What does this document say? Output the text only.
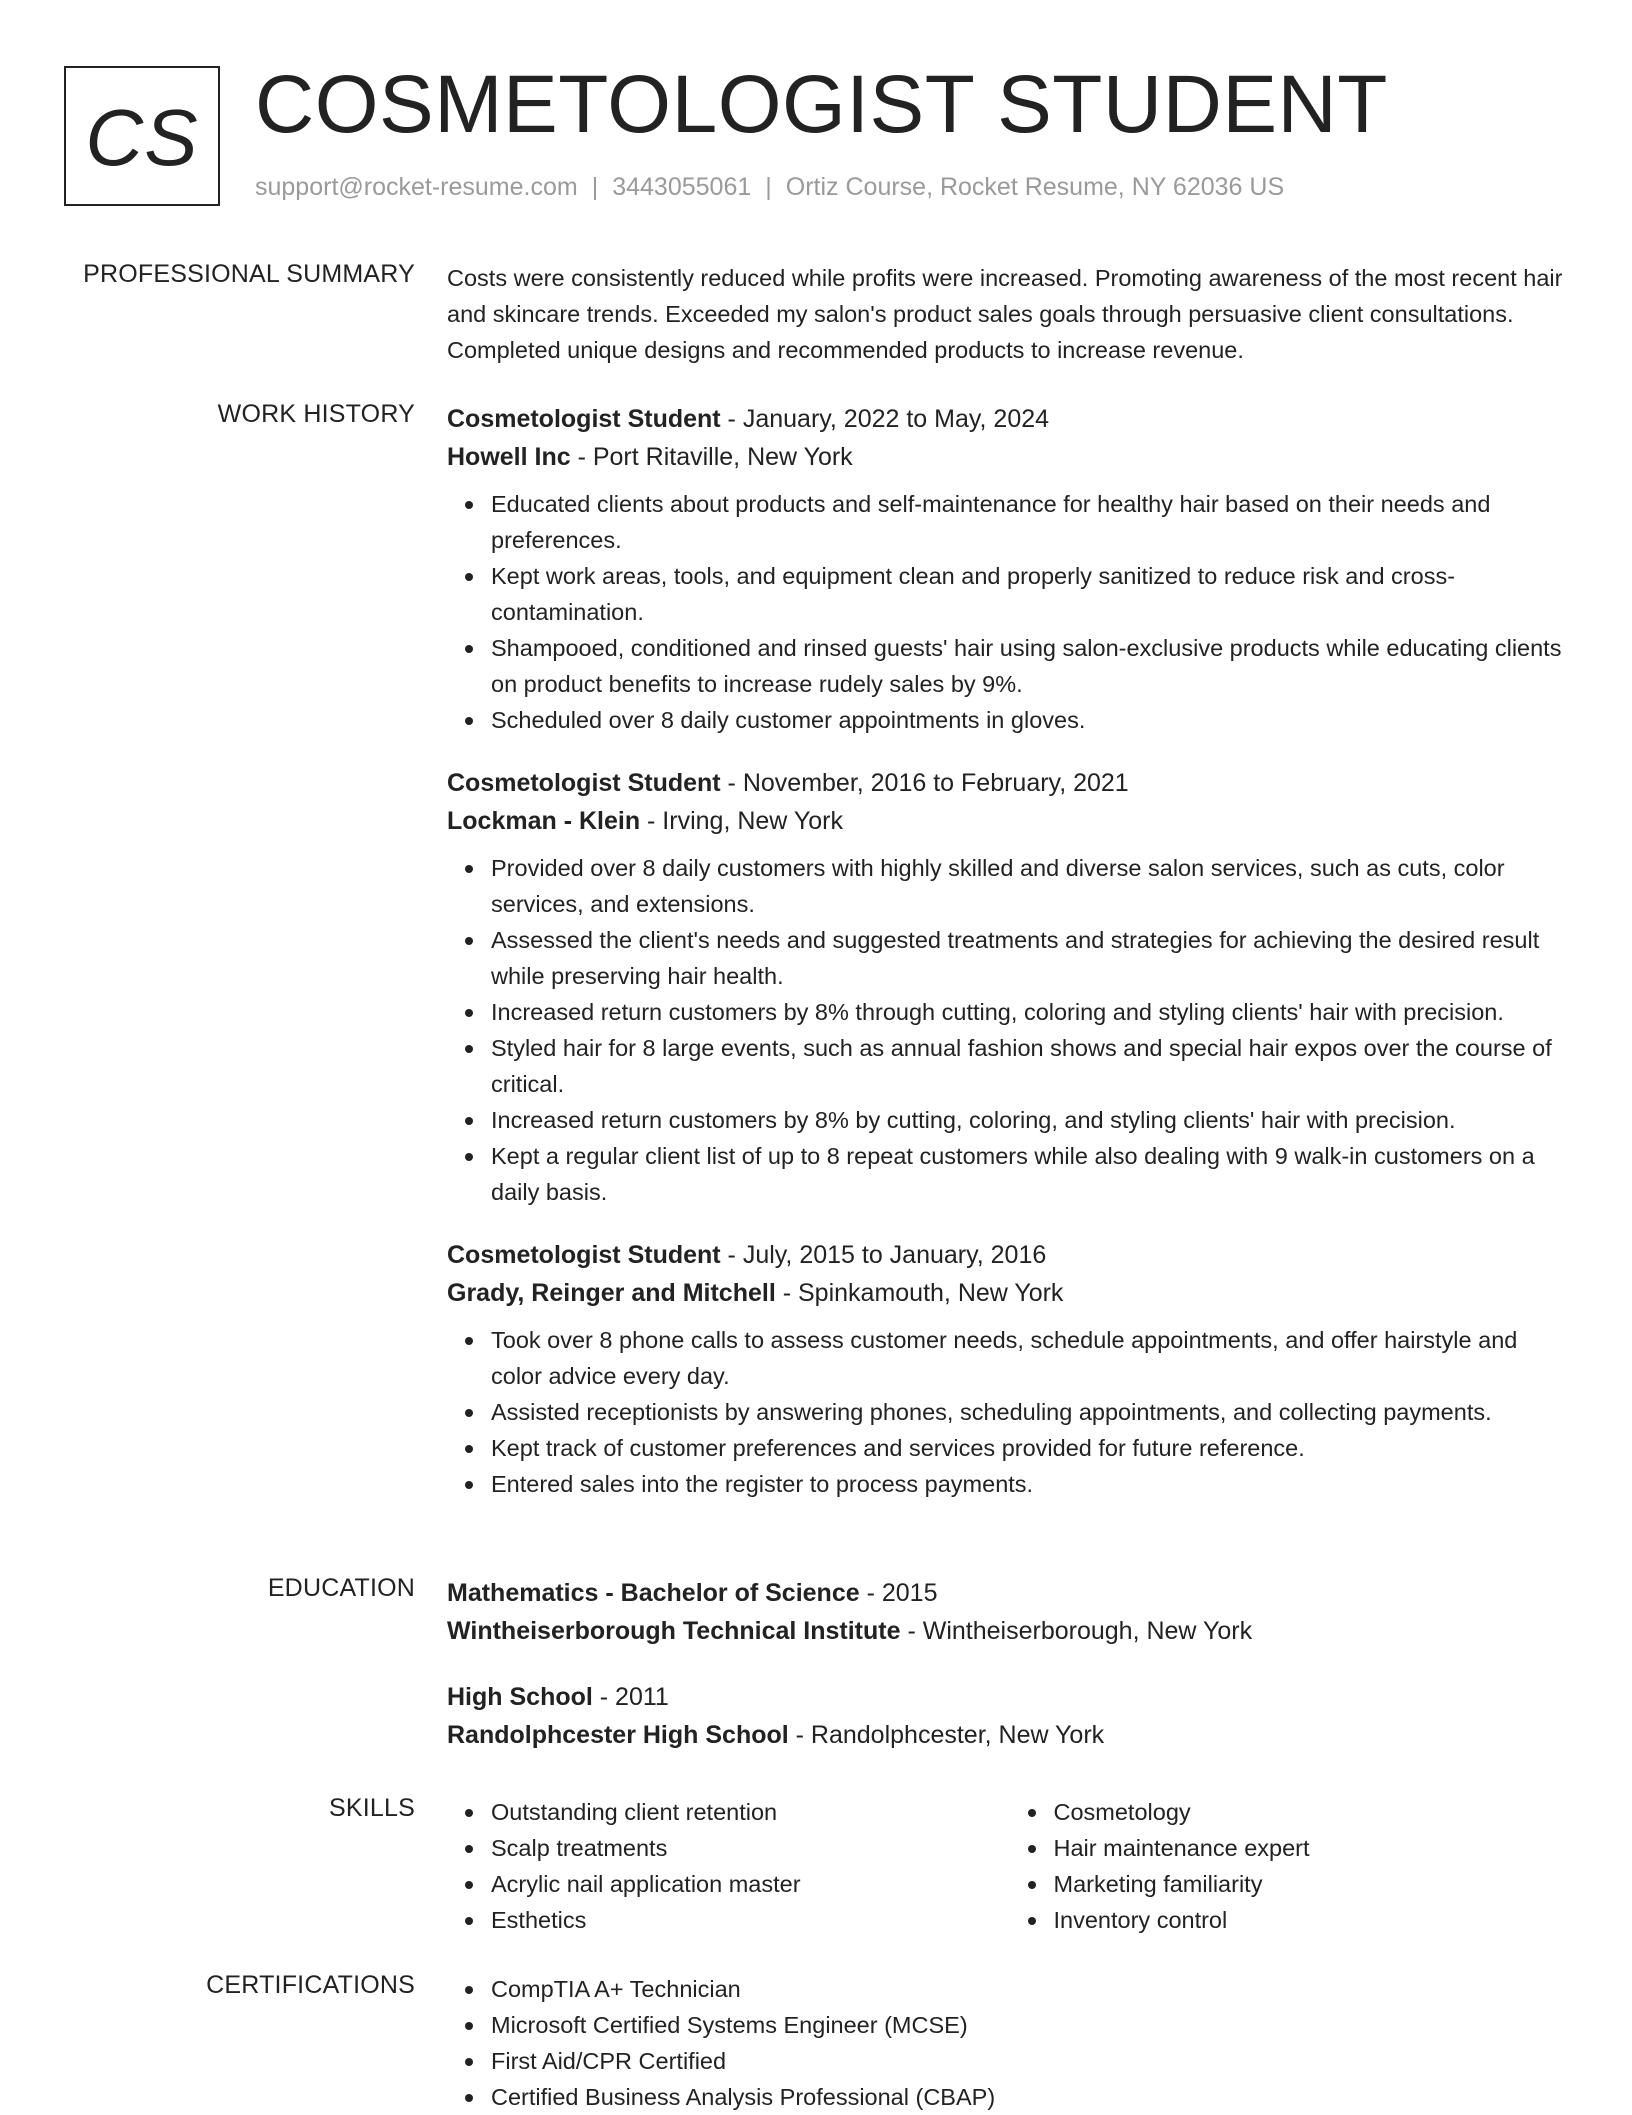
CS COSMETOLOGIST STUDENT
support@rocket-resume.com | 3443055061 | Ortiz Course, Rocket Resume, NY 62036 US
PROFESSIONAL SUMMARY Costs were consistently reduced while profits were increased. Promoting awareness of the most recent hair and skincare trends. Exceeded my salon's product sales goals through persuasive client consultations. Completed unique designs and recommended products to increase revenue.

WORK HISTORY Cosmetologist Student - January, 2022 to May, 2024
Howell Inc - Port Ritaville, New York
Educated clients about products and self-maintenance for healthy hair based on their needs and preferences.
Kept work areas, tools, and equipment clean and properly sanitized to reduce risk and cross-contamination.
Shampooed, conditioned and rinsed guests' hair using salon-exclusive products while educating clients on product benefits to increase rudely sales by 9%.
Scheduled over 8 daily customer appointments in gloves.
Cosmetologist Student - November, 2016 to February, 2021
Lockman - Klein - Irving, New York
Provided over 8 daily customers with highly skilled and diverse salon services, such as cuts, color services, and extensions.
Assessed the client's needs and suggested treatments and strategies for achieving the desired result while preserving hair health.
Increased return customers by 8% through cutting, coloring and styling clients' hair with precision.
Styled hair for 8 large events, such as annual fashion shows and special hair expos over the course of critical.
Increased return customers by 8% by cutting, coloring, and styling clients' hair with precision.
Kept a regular client list of up to 8 repeat customers while also dealing with 9 walk-in customers on a daily basis.
Cosmetologist Student - July, 2015 to January, 2016
Grady, Reinger and Mitchell - Spinkamouth, New York
Took over 8 phone calls to assess customer needs, schedule appointments, and offer hairstyle and color advice every day.
Assisted receptionists by answering phones, scheduling appointments, and collecting payments.
Kept track of customer preferences and services provided for future reference.
Entered sales into the register to process payments.
EDUCATION Mathematics - Bachelor of Science - 2015
Wintheiserborough Technical Institute - Wintheiserborough, New York
High School - 2011
Randolphcester High School - Randolphcester, New York
SKILLS	Outstanding client retention
Scalp treatments
Acrylic nail application master
Esthetics
Cosmetology
Hair maintenance expert
Marketing familiarity
Inventory control
CERTIFICATIONS	CompTIA A+ Technician
Microsoft Certified Systems Engineer (MCSE)
First Aid/CPR Certified
Certified Business Analysis Professional (CBAP)
